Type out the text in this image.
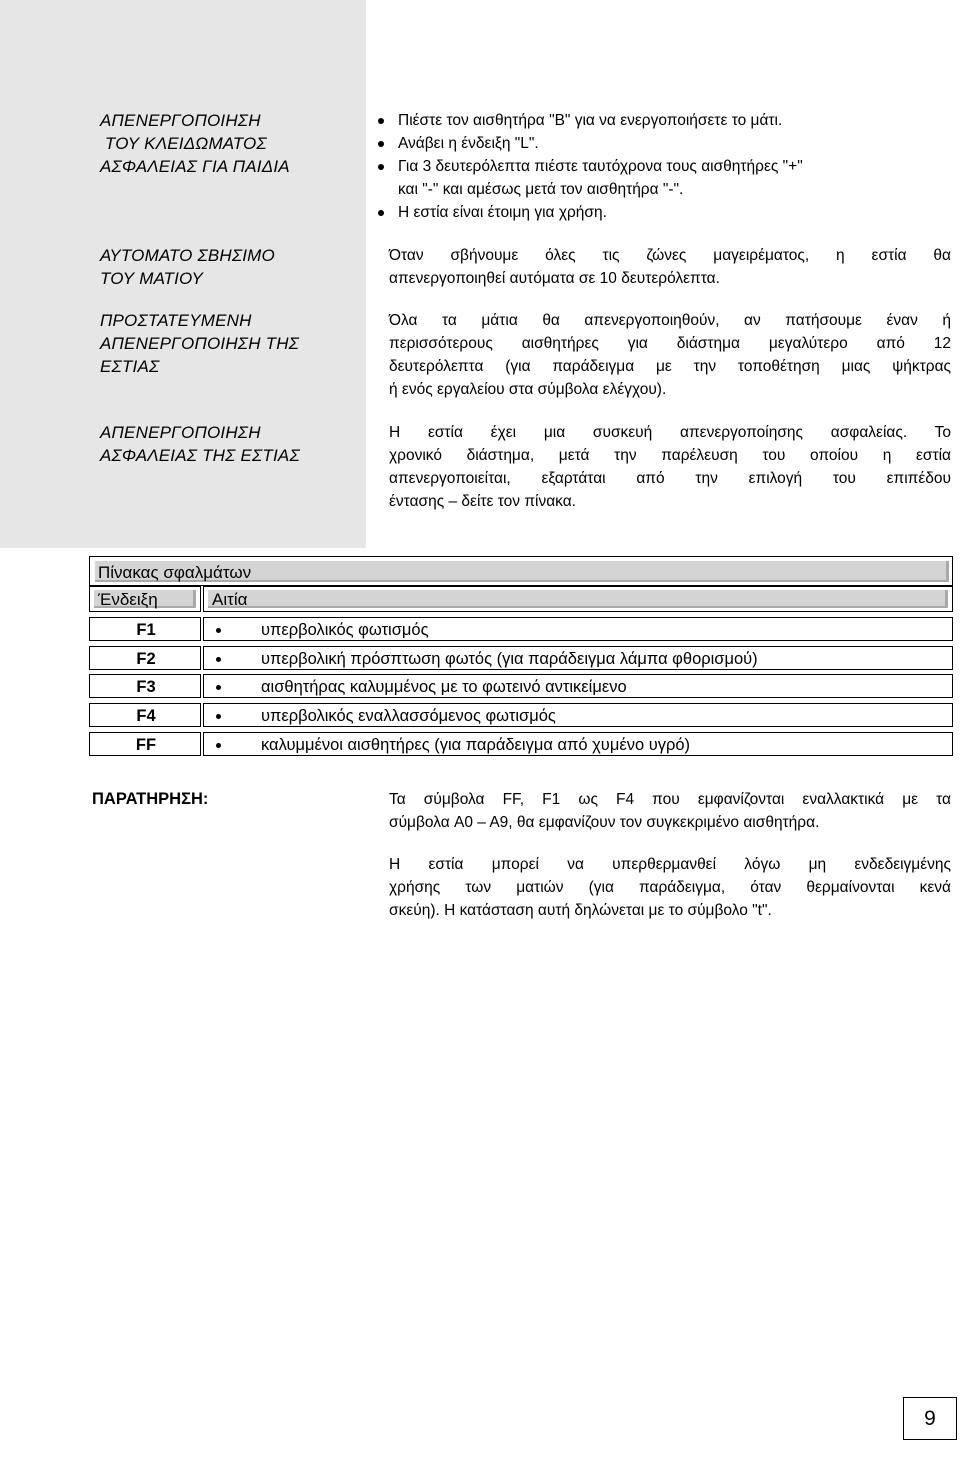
ΑΠΕΝΕΡΓΟΠΟΙΗΣΗ
ΤΟΥ ΚΛΕΙΔΩΜΑΤΟΣ
ΑΣΦΑΛΕΙΑΣ ΓΙΑ ΠΑΙΔΙΑ
Πιέστε τον αισθητήρα "B" για να ενεργοποιήσετε το μάτι.
Ανάβει η ένδειξη "L".
Για 3 δευτερόλεπτα πιέστε ταυτόχρονα τους αισθητήρες "+"
και "-" και αμέσως μετά τον αισθητήρα "-".
Η εστία είναι έτοιμη για χρήση.
ΑΥΤΟΜΑΤΟ ΣΒΗΣΙΜΟ
ΤΟΥ ΜΑΤΙΟΥ
Όταν σβήνουμε όλες τις ζώνες μαγειρέματος, η εστία θα
απενεργοποιηθεί αυτόματα σε 10 δευτερόλεπτα.
ΠΡΟΣΤΑΤΕΥΜΕΝΗ
ΑΠΕΝΕΡΓΟΠΟΙΗΣΗ ΤΗΣ
ΕΣΤΙΑΣ
Όλα τα μάτια θα απενεργοποιηθούν, αν πατήσουμε έναν ή
περισσότερους αισθητήρες για διάστημα μεγαλύτερο από 12
δευτερόλεπτα (για παράδειγμα με την τοποθέτηση μιας ψήκτρας
ή ενός εργαλείου στα σύμβολα ελέγχου).
ΑΠΕΝΕΡΓΟΠΟΙΗΣΗ
ΑΣΦΑΛΕΙΑΣ ΤΗΣ ΕΣΤΙΑΣ
Η εστία έχει μια συσκευή απενεργοποίησης ασφαλείας. Το
χρονικό διάστημα, μετά την παρέλευση του οποίου η εστία
απενεργοποιείται, εξαρτάται από την επιλογή του επιπέδου
έντασης – δείτε τον πίνακα.
Πίνακας σφαλμάτων
Ένδειξη	Αιτία
F1	υπερβολικός φωτισμός
F2	υπερβολική πρόσπτωση φωτός (για παράδειγμα λάμπα φθορισμού)
F3	αισθητήρας καλυμμένος με το φωτεινό αντικείμενο
F4	υπερβολικός εναλλασσόμενος φωτισμός
FF	καλυμμένοι αισθητήρες (για παράδειγμα από χυμένο υγρό)
ΠΑΡΑΤΗΡΗΣΗ:	Τα σύμβολα FF, F1 ως F4 που εμφανίζονται εναλλακτικά με τα
σύμβολα A0 – A9, θα εμφανίζουν τον συγκεκριμένο αισθητήρα.
Η εστία μπορεί να υπερθερμανθεί λόγω μη ενδεδειγμένης
χρήσης των ματιών (για παράδειγμα, όταν θερμαίνονται κενά
σκεύη). Η κατάσταση αυτή δηλώνεται με το σύμβολο "t".
9
